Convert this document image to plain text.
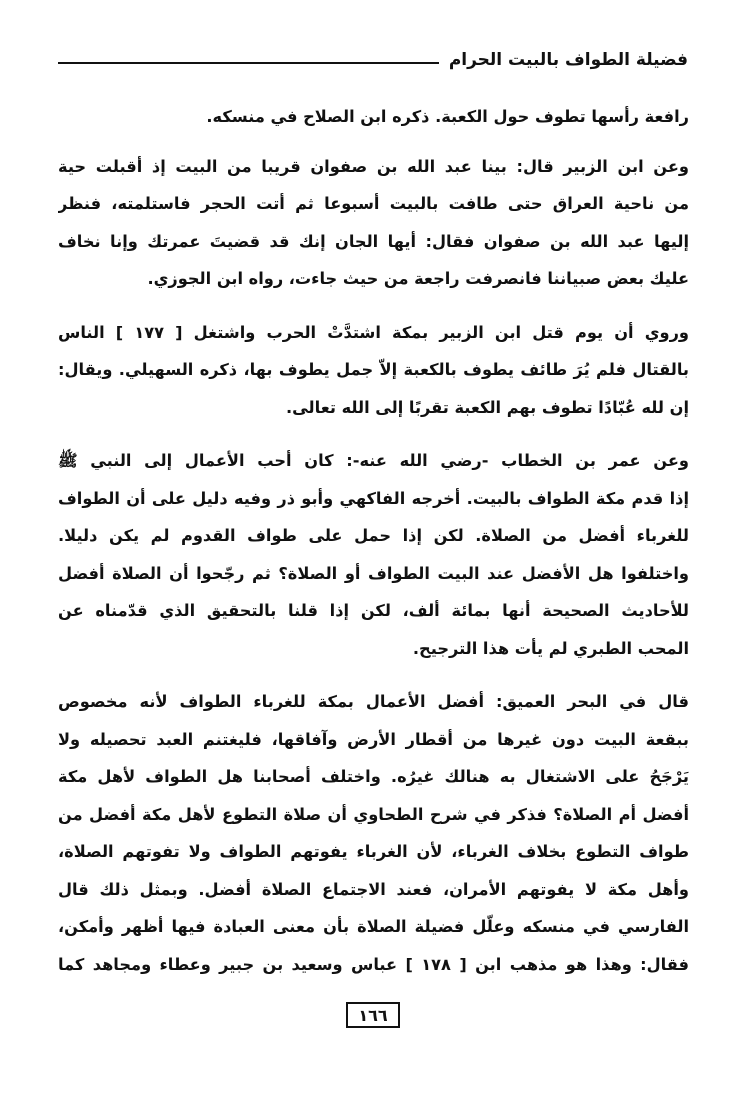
فضيلة الطواف بالبيت الحرام
رافعة رأسها تطوف حول الكعبة. ذكره ابن الصلاح في منسكه.
وعن ابن الزبير قال: بينا عبد الله بن صفوان قريبا من البيت إذ أقبلت حية
من ناحية العراق حتى طافت بالبيت أسبوعا ثم أتت الحجر فاستلمته، فنظر
إليها عبد الله بن صفوان فقال: أيها الجان إنك قد قضيتَ عمرتك وإنا نخاف
عليك بعض صبياننا فانصرفت راجعة من حيث جاءت، رواه ابن الجوزي.
وروي أن يوم قتل ابن الزبير بمكة اشتدَّتْ الحرب واشتغل [ ١٧٧ ] الناس
بالقتال فلم يُرَ طائف يطوف بالكعبة إلاّ جمل يطوف بها، ذكره السهيلي. ويقال:
إن لله عُبّادًا تطوف بهم الكعبة تقربًا إلى الله تعالى.
وعن عمر بن الخطاب -رضي الله عنه-: كان أحب الأعمال إلى النبي ﷺ
إذا قدم مكة الطواف بالبيت. أخرجه الفاكهي وأبو ذر وفيه دليل على أن الطواف
للغرباء أفضل من الصلاة. لكن إذا حمل على طواف القدوم لم يكن دليلا.
واختلفوا هل الأفضل عند البيت الطواف أو الصلاة؟ ثم رجّحوا أن الصلاة أفضل
للأحاديث الصحيحة أنها بمائة ألف، لكن إذا قلنا بالتحقيق الذي قدّمناه عن
المحب الطبري لم يأت هذا الترجيح.
قال في البحر العميق: أفضل الأعمال بمكة للغرباء الطواف لأنه مخصوص
ببقعة البيت دون غيرها من أقطار الأرض وآفاقها، فليغتنم العبد تحصيله ولا
يَرْجَحُ على الاشتغال به هنالك غيرُه. واختلف أصحابنا هل الطواف لأهل مكة
أفضل أم الصلاة؟ فذكر في شرح الطحاوي أن صلاة التطوع لأهل مكة أفضل من
طواف التطوع بخلاف الغرباء، لأن الغرباء يفوتهم الطواف ولا تفوتهم الصلاة،
وأهل مكة لا يفوتهم الأمران، فعند الاجتماع الصلاة أفضل. وبمثل ذلك قال
الفارسي في منسكه وعلّل فضيلة الصلاة بأن معنى العبادة فيها أظهر وأمكن،
فقال: وهذا هو مذهب ابن [ ١٧٨ ] عباس وسعيد بن جبير وعطاء ومجاهد كما
١٦٦
